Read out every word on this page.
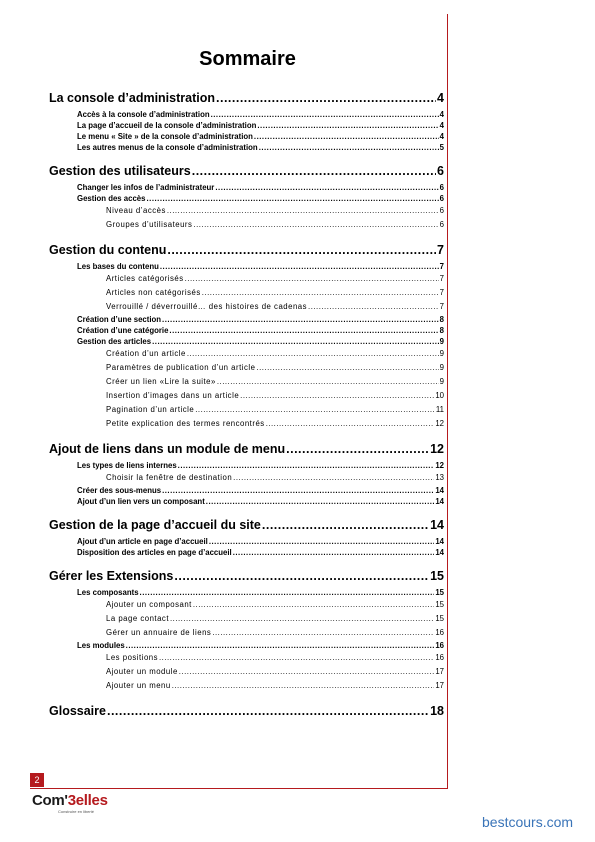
2
Com'3elles
Construire en liberté
bestcours.com
Sommaire
La console d’administration .....	4
Accès à la console d’administration .....	4
La page d’accueil de la console d’administration .....	4
Le menu « Site » de la console d’administration .....	4
Les autres menus de la console d’administration .....	5
Gestion des utilisateurs .....	6
Changer les infos de l’administrateur .....	6
Gestion des accès .....	6
Niveau d’accès .....	6
Groupes d’utilisateurs .....	6
Gestion du contenu .....	7
Les bases du contenu .....	7
Articles catégorisés .....	7
Articles non catégorisés .....	7
Verrouillé / déverrouillé… des histoires de cadenas .....	7
Création d’une section .....	8
Création d’une catégorie .....	8
Gestion des articles .....	9
Création d’un article .....	9
Paramètres de publication d’un article .....	9
Créer un lien «Lire la suite» .....	9
Insertion d’images dans un article .....	10
Pagination d’un article .....	11
Petite explication des termes rencontrés .....	12
Ajout de liens dans un module de menu .....	12
Les types de liens internes .....	12
Choisir la fenêtre de destination .....	13
Créer des sous-menus .....	14
Ajout d’un lien vers un composant .....	14
Gestion de la page d’accueil du site .....	14
Ajout d’un article en page d’accueil .....	14
Disposition des articles en page d’accueil .....	14
Gérer les Extensions .....	15
Les composants .....	15
Ajouter un composant .....	15
La page contact .....	15
Gérer un annuaire de liens .....	16
Les modules .....	16
Les positions .....	16
Ajouter un module .....	17
Ajouter un menu .....	17
Glossaire .....	18
